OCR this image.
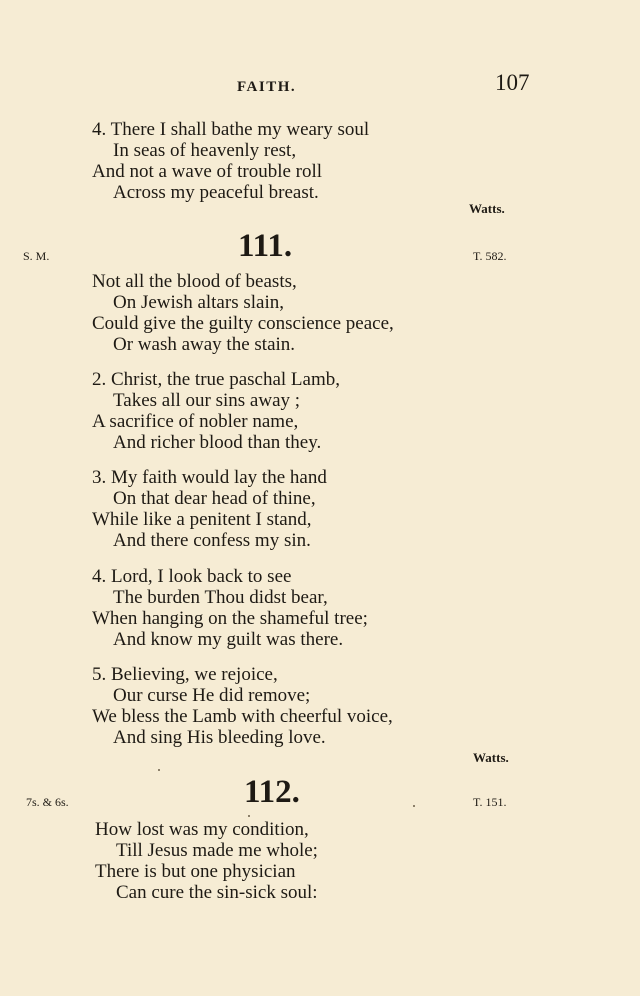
FAITH.	107
4. There I shall bathe my weary soul
In seas of heavenly rest,
And not a wave of trouble roll
Across my peaceful breast.
Watts.
S. M.	111.	T. 582.
Not all the blood of beasts,
On Jewish altars slain,
Could give the guilty conscience peace,
Or wash away the stain.
2. Christ, the true paschal Lamb,
Takes all our sins away ;
A sacrifice of nobler name,
And richer blood than they.
3. My faith would lay the hand
On that dear head of thine,
While like a penitent I stand,
And there confess my sin.
4. Lord, I look back to see
The burden Thou didst bear,
When hanging on the shameful tree;
And know my guilt was there.
5. Believing, we rejoice,
Our curse He did remove;
We bless the Lamb with cheerful voice,
And sing His bleeding love.
Watts.
7s. & 6s.	112.	T. 151.
How lost was my condition,
Till Jesus made me whole;
There is but one physician
Can cure the sin-sick soul:
